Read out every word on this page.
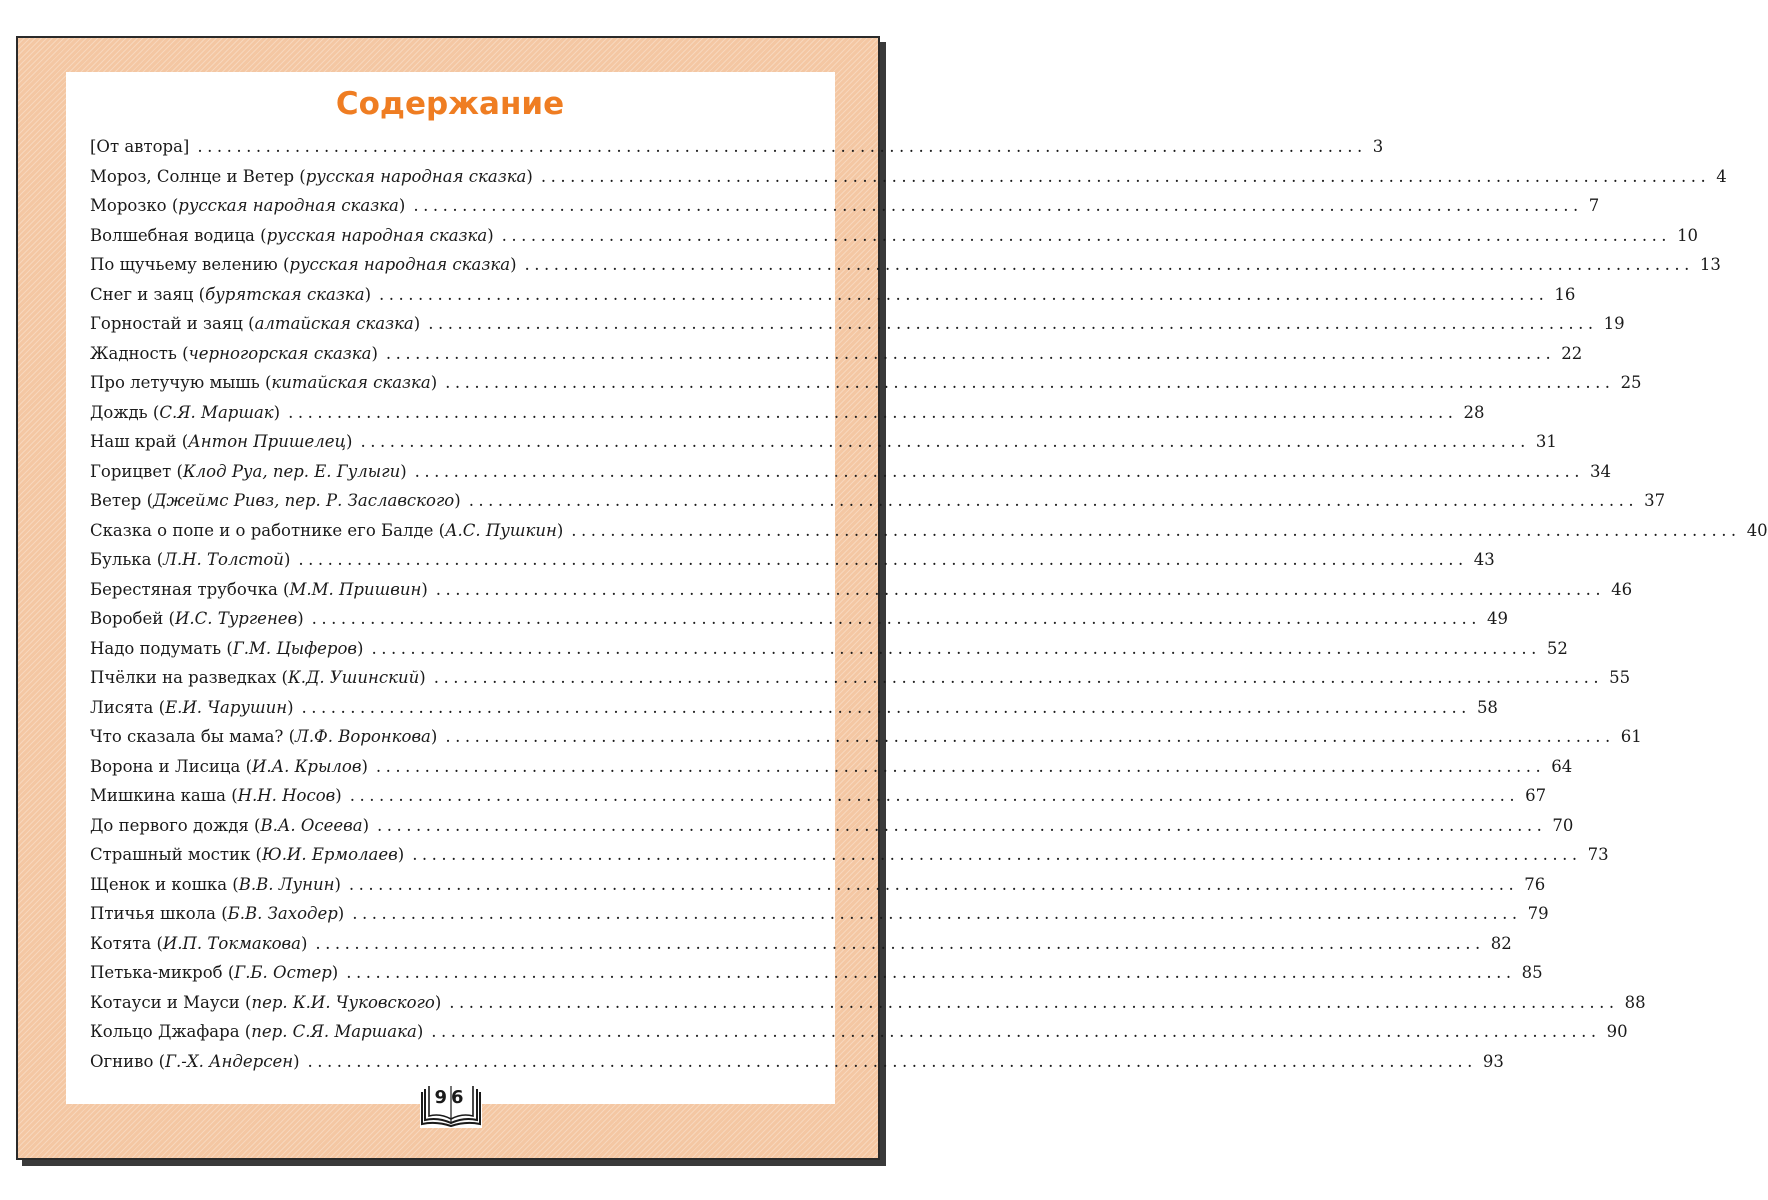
Содержание
[От автора] ........................................................................................................................ 3
Мороз, Солнце и Ветер (русская народная сказка) ........................................................................................................................ 4
Морозко (русская народная сказка) ........................................................................................................................ 7
Волшебная водица (русская народная сказка) ........................................................................................................................ 10
По щучьему велению (русская народная сказка) ........................................................................................................................ 13
Снег и заяц (бурятская сказка) ........................................................................................................................ 16
Горностай и заяц (алтайская сказка) ........................................................................................................................ 19
Жадность (черногорская сказка) ........................................................................................................................ 22
Про летучую мышь (китайская сказка) ........................................................................................................................ 25
Дождь (С.Я. Маршак) ........................................................................................................................ 28
Наш край (Антон Пришелец) ........................................................................................................................ 31
Горицвет (Клод Руа, пер. Е. Гулыги) ........................................................................................................................ 34
Ветер (Джеймс Ривз, пер. Р. Заславского) ........................................................................................................................ 37
Сказка о попе и о работнике его Балде (А.С. Пушкин) ........................................................................................................................ 40
Булька (Л.Н. Толстой) ........................................................................................................................ 43
Берестяная трубочка (М.М. Пришвин) ........................................................................................................................ 46
Воробей (И.С. Тургенев) ........................................................................................................................ 49
Надо подумать (Г.М. Цыферов) ........................................................................................................................ 52
Пчёлки на разведках (К.Д. Ушинский) ........................................................................................................................ 55
Лисята (Е.И. Чарушин) ........................................................................................................................ 58
Что сказала бы мама? (Л.Ф. Воронкова) ........................................................................................................................ 61
Ворона и Лисица (И.А. Крылов) ........................................................................................................................ 64
Мишкина каша (Н.Н. Носов) ........................................................................................................................ 67
До первого дождя (В.А. Осеева) ........................................................................................................................ 70
Страшный мостик (Ю.И. Ермолаев) ........................................................................................................................ 73
Щенок и кошка (В.В. Лунин) ........................................................................................................................ 76
Птичья школа (Б.В. Заходер) ........................................................................................................................ 79
Котята (И.П. Токмакова) ........................................................................................................................ 82
Петька-микроб (Г.Б. Остер) ........................................................................................................................ 85
Котауси и Мауси (пер. К.И. Чуковского) ........................................................................................................................ 88
Кольцо Джафара (пер. С.Я. Маршака) ........................................................................................................................ 90
Огниво (Г.-Х. Андерсен) ........................................................................................................................ 93
96
